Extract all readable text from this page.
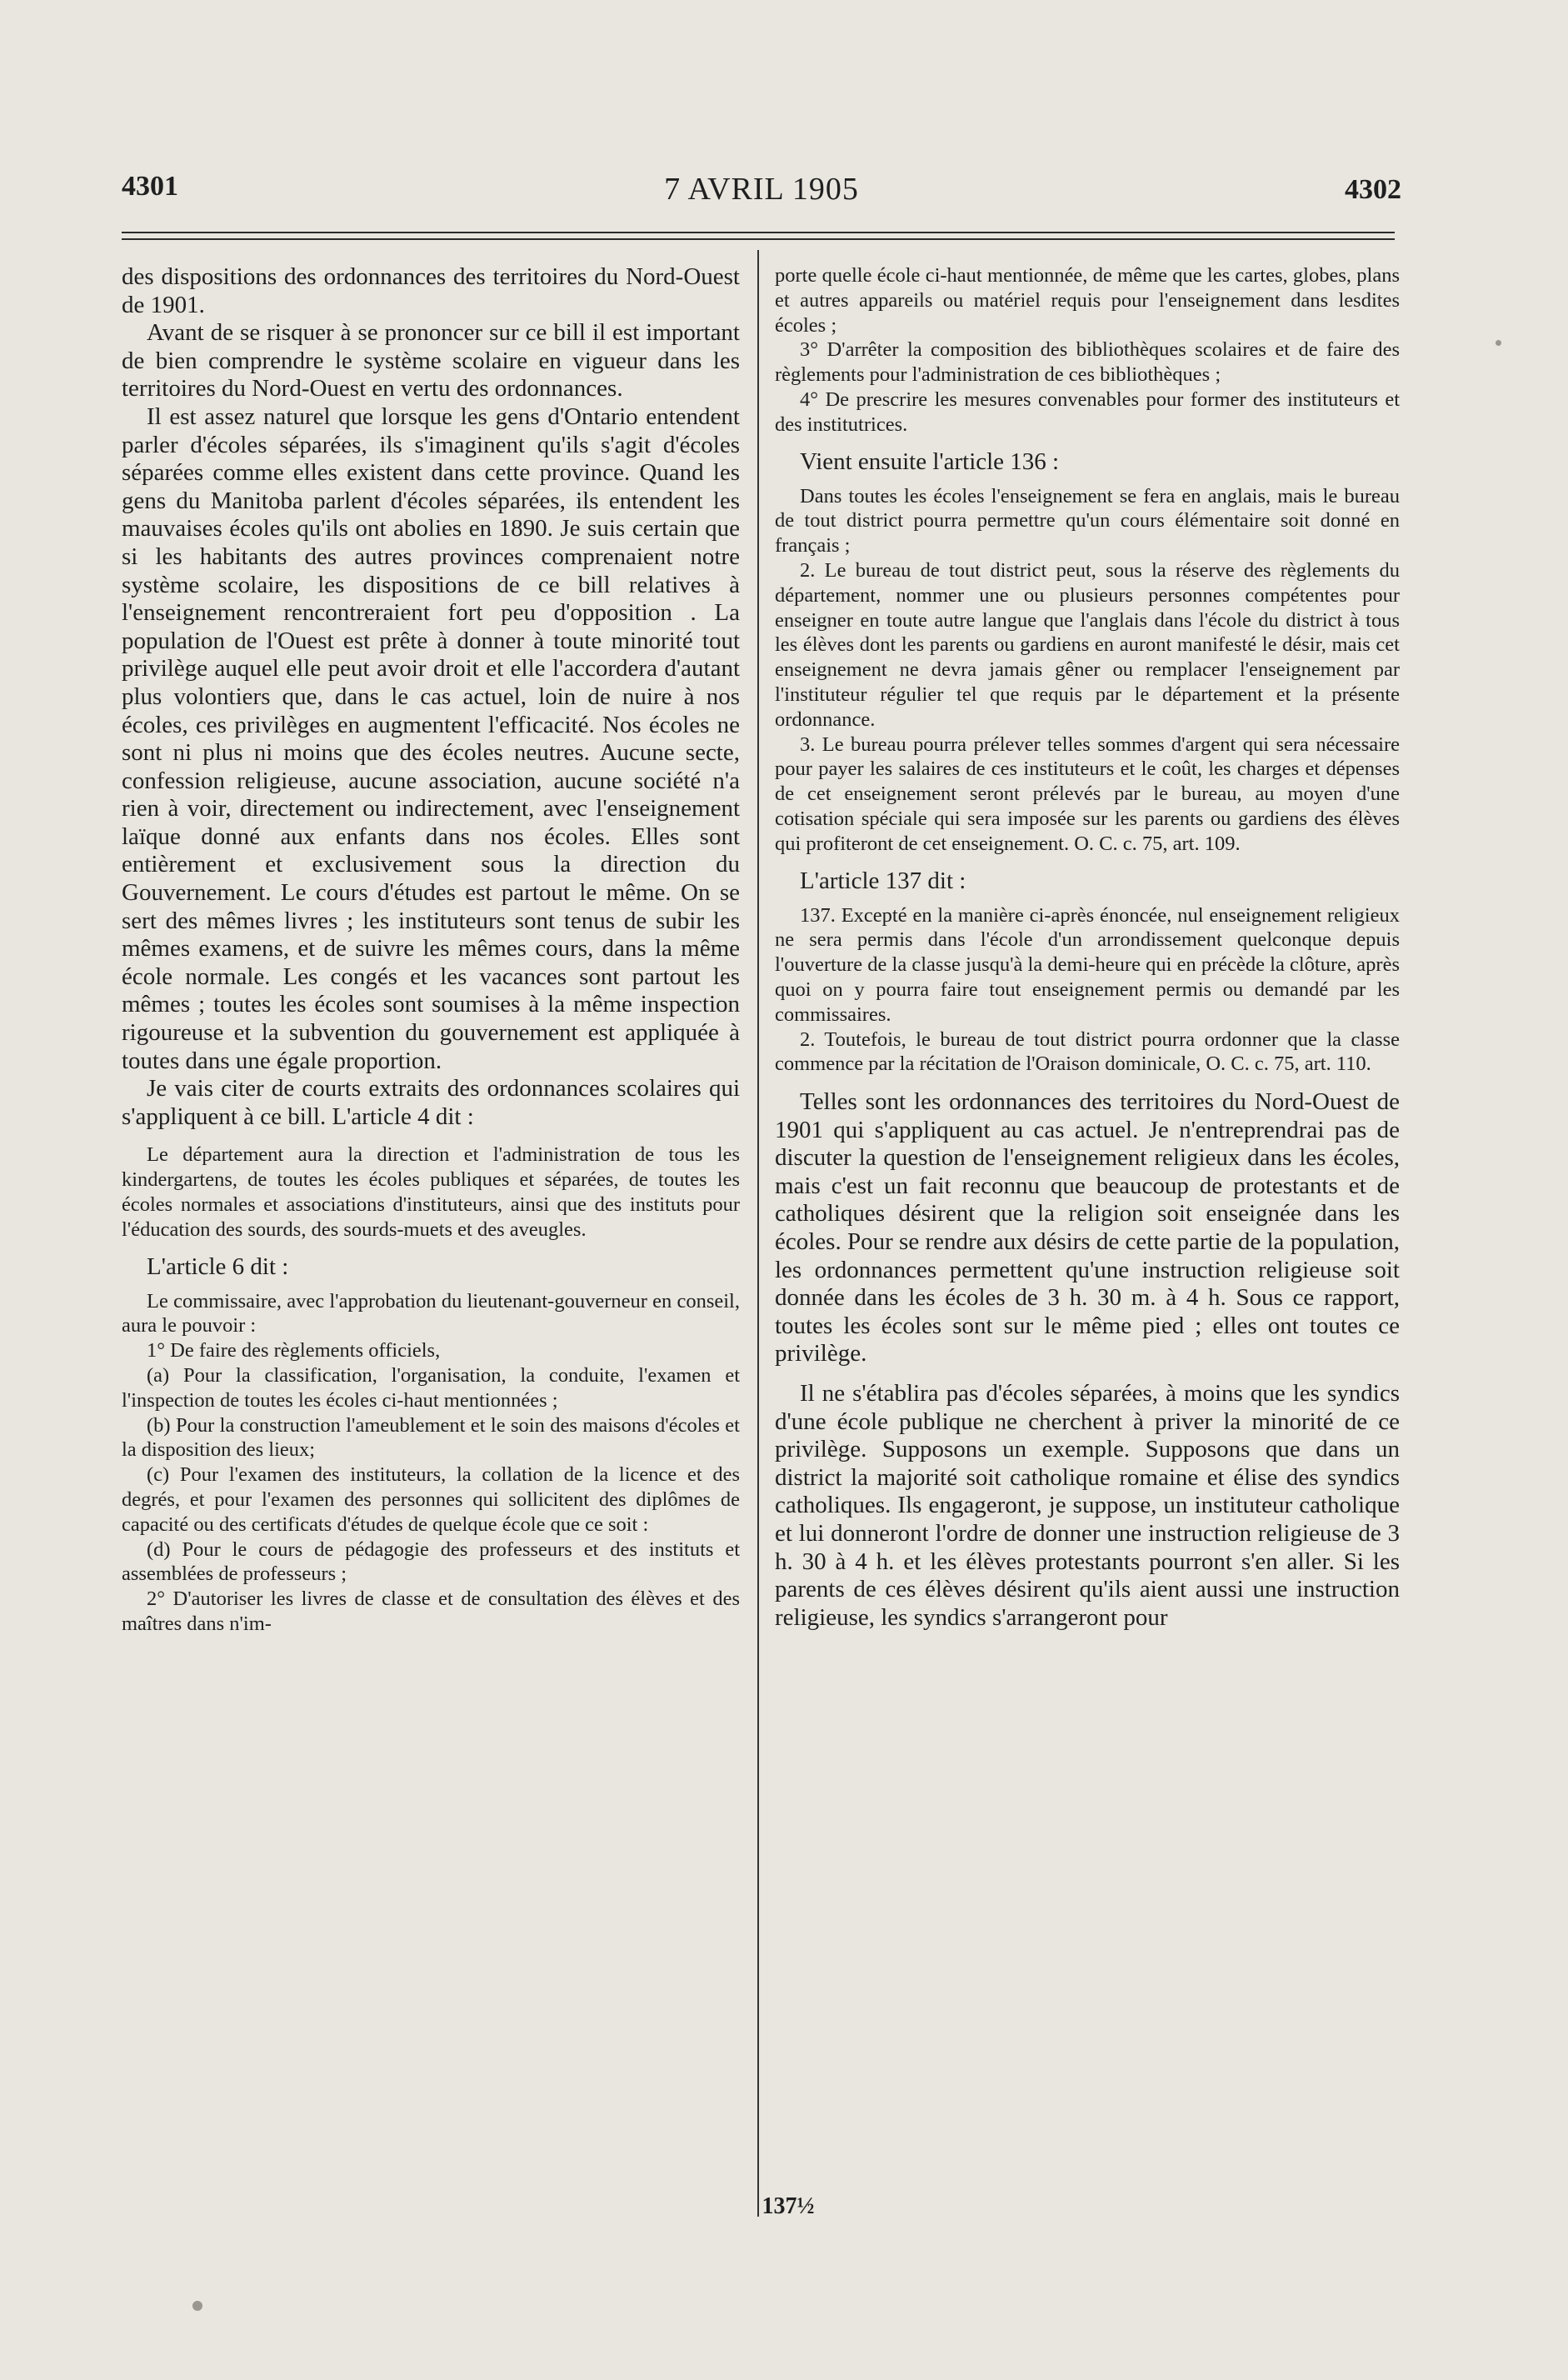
4301	7 AVRIL 1905	4302

des dispositions des ordonnances des territoires du Nord-Ouest de 1901.

Avant de se risquer à se prononcer sur ce bill il est important de bien comprendre le système scolaire en vigueur dans les territoires du Nord-Ouest en vertu des ordonnances.

Il est assez naturel que lorsque les gens d'Ontario entendent parler d'écoles séparées, ils s'imaginent qu'ils s'agit d'écoles séparées comme elles existent dans cette province. Quand les gens du Manitoba parlent d'écoles séparées, ils entendent les mauvaises écoles qu'ils ont abolies en 1890. Je suis certain que si les habitants des autres provinces comprenaient notre système scolaire, les dispositions de ce bill relatives à l'enseignement rencontreraient fort peu d'opposition . La population de l'Ouest est prête à donner à toute minorité tout privilège auquel elle peut avoir droit et elle l'accordera d'autant plus volontiers que, dans le cas actuel, loin de nuire à nos écoles, ces privilèges en augmentent l'efficacité. Nos écoles ne sont ni plus ni moins que des écoles neutres. Aucune secte, confession religieuse, aucune association, aucune société n'a rien à voir, directement ou indirectement, avec l'enseignement laïque donné aux enfants dans nos écoles. Elles sont entièrement et exclusivement sous la direction du Gouvernement. Le cours d'études est partout le même. On se sert des mêmes livres ; les instituteurs sont tenus de subir les mêmes examens, et de suivre les mêmes cours, dans la même école normale. Les congés et les vacances sont partout les mêmes ; toutes les écoles sont soumises à la même inspection rigoureuse et la subvention du gouvernement est appliquée à toutes dans une égale proportion.

Je vais citer de courts extraits des ordonnances scolaires qui s'appliquent à ce bill. L'article 4 dit :

Le département aura la direction et l'administration de tous les kindergartens, de toutes les écoles publiques et séparées, de toutes les écoles normales et associations d'instituteurs, ainsi que des instituts pour l'éducation des sourds, des sourds-muets et des aveugles.

L'article 6 dit :

Le commissaire, avec l'approbation du lieutenant-gouverneur en conseil, aura le pouvoir :

1° De faire des règlements officiels,

(a) Pour la classification, l'organisation, la conduite, l'examen et l'inspection de toutes les écoles ci-haut mentionnées ;

(b) Pour la construction l'ameublement et le soin des maisons d'écoles et la disposition des lieux;

(c) Pour l'examen des instituteurs, la collation de la licence et des degrés, et pour l'examen des personnes qui sollicitent des diplômes de capacité ou des certificats d'études de quelque école que ce soit :

(d) Pour le cours de pédagogie des professeurs et des instituts et assemblées de professeurs ;

2° D'autoriser les livres de classe et de consultation des élèves et des maîtres dans n'im-

porte quelle école ci-haut mentionnée, de même que les cartes, globes, plans et autres appareils ou matériel requis pour l'enseignement dans lesdites écoles ;

3° D'arrêter la composition des bibliothèques scolaires et de faire des règlements pour l'administration de ces bibliothèques ;

4° De prescrire les mesures convenables pour former des instituteurs et des institutrices.

Vient ensuite l'article 136 :

Dans toutes les écoles l'enseignement se fera en anglais, mais le bureau de tout district pourra permettre qu'un cours élémentaire soit donné en français ;

2. Le bureau de tout district peut, sous la réserve des règlements du département, nommer une ou plusieurs personnes compétentes pour enseigner en toute autre langue que l'anglais dans l'école du district à tous les élèves dont les parents ou gardiens en auront manifesté le désir, mais cet enseignement ne devra jamais gêner ou remplacer l'enseignement par l'instituteur régulier tel que requis par le département et la présente ordonnance.

3. Le bureau pourra prélever telles sommes d'argent qui sera nécessaire pour payer les salaires de ces instituteurs et le coût, les charges et dépenses de cet enseignement seront prélevés par le bureau, au moyen d'une cotisation spéciale qui sera imposée sur les parents ou gardiens des élèves qui profiteront de cet enseignement. O. C. c. 75, art. 109.

L'article 137 dit :

137. Excepté en la manière ci-après énoncée, nul enseignement religieux ne sera permis dans l'école d'un arrondissement quelconque depuis l'ouverture de la classe jusqu'à la demi-heure qui en précède la clôture, après quoi on y pourra faire tout enseignement permis ou demandé par les commissaires.

2. Toutefois, le bureau de tout district pourra ordonner que la classe commence par la récitation de l'Oraison dominicale, O. C. c. 75, art. 110.

Telles sont les ordonnances des territoires du Nord-Ouest de 1901 qui s'appliquent au cas actuel. Je n'entreprendrai pas de discuter la question de l'enseignement religieux dans les écoles, mais c'est un fait reconnu que beaucoup de protestants et de catholiques désirent que la religion soit enseignée dans les écoles. Pour se rendre aux désirs de cette partie de la population, les ordonnances permettent qu'une instruction religieuse soit donnée dans les écoles de 3 h. 30 m. à 4 h. Sous ce rapport, toutes les écoles sont sur le même pied ; elles ont toutes ce privilège.

Il ne s'établira pas d'écoles séparées, à moins que les syndics d'une école publique ne cherchent à priver la minorité de ce privilège. Supposons un exemple. Supposons que dans un district la majorité soit catholique romaine et élise des syndics catholiques. Ils engageront, je suppose, un instituteur catholique et lui donneront l'ordre de donner une instruction religieuse de 3 h. 30 à 4 h. et les élèves protestants pourront s'en aller. Si les parents de ces élèves désirent qu'ils aient aussi une instruction religieuse, les syndics s'arrangeront pour

137½
